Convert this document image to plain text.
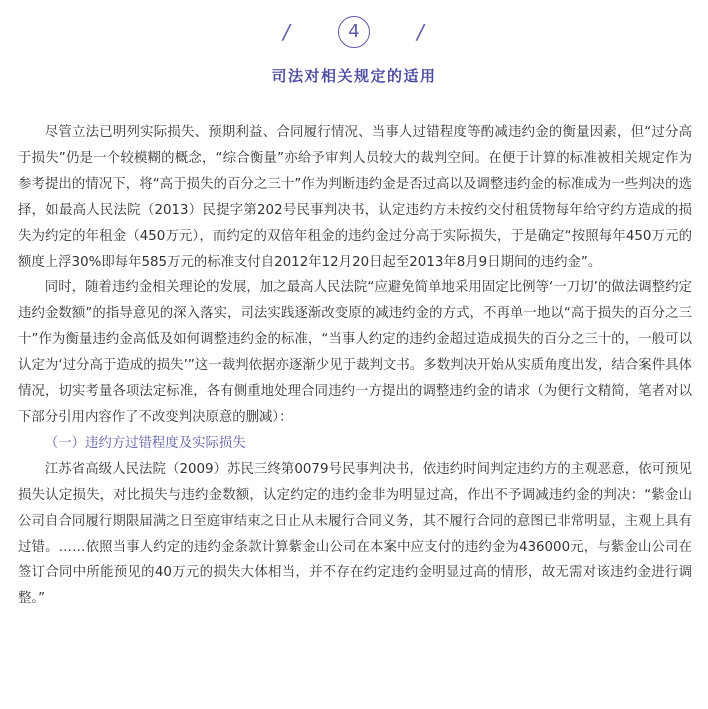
/	4	/
司法对相关规定的适用

尽管立法已明列实际损失、预期利益、合同履行情况、当事人过错程度等酌减违约金的衡量因素，但“过分高于损失”仍是一个较模糊的概念，“综合衡量”亦给予审判人员较大的裁判空间。在便于计算的标准被相关规定作为参考提出的情况下，将“高于损失的百分之三十”作为判断违约金是否过高以及调整违约金的标准成为一些判决的选择，如最高人民法院（2013）民提字第202号民事判决书，认定违约方未按约交付租赁物每年给守约方造成的损失为约定的年租金（450万元），而约定的双倍年租金的违约金过分高于实际损失，于是确定“按照每年450万元的额度上浮30%即每年585万元的标准支付自2012年12月20日起至2013年8月9日期间的违约金”。

同时，随着违约金相关理论的发展，加之最高人民法院“应避免简单地采用固定比例等‘一刀切’的做法调整约定违约金数额”的指导意见的深入落实，司法实践逐渐改变原的减违约金的方式，不再单一地以“高于损失的百分之三十”作为衡量违约金高低及如何调整违约金的标准，“当事人约定的违约金超过造成损失的百分之三十的，一般可以认定为‘过分高于造成的损失’”这一裁判依据亦逐渐少见于裁判文书。多数判决开始从实质角度出发，结合案件具体情况，切实考量各项法定标准，各有侧重地处理合同违约一方提出的调整违约金的请求（为便行文精简，笔者对以下部分引用内容作了不改变判决原意的删减）：

（一）违约方过错程度及实际损失

江苏省高级人民法院（2009）苏民三终第0079号民事判决书，依违约时间判定违约方的主观恶意，依可预见损失认定损失，对比损失与违约金数额，认定约定的违约金非为明显过高，作出不予调减违约金的判决：“紫金山公司自合同履行期限届满之日至庭审结束之日止从未履行合同义务，其不履行合同的意图已非常明显，主观上具有过错。……依照当事人约定的违约金条款计算紫金山公司在本案中应支付的违约金为436000元，与紫金山公司在签订合同中所能预见的40万元的损失大体相当，并不存在约定违约金明显过高的情形，故无需对该违约金进行调整。”
